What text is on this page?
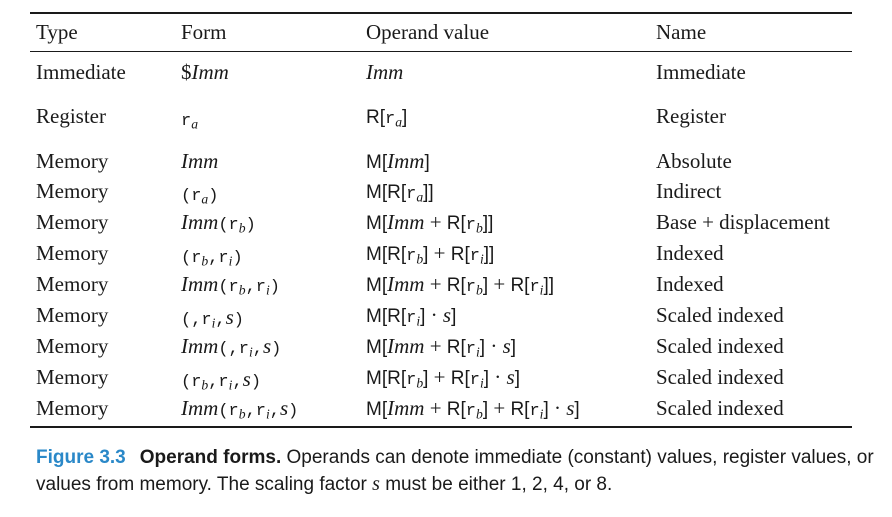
Type	Form	Operand value	Name
Immediate	$Imm	Imm	Immediate
Register	$r_a$	$R[r_a]$	Register
Memory	Imm	M[Imm]	Absolute
Memory	$(r_a)$	$M[R[r_a]]$	Indirect
Memory	$Imm(r_b)$	$M[Imm + R[r_b]]$	Base + displacement
Memory	$(r_b,r_i)$	$M[R[r_b] + R[r_i]]$	Indexed
Memory	$Imm(r_b,r_i)$	$M[Imm + R[r_b] + R[r_i]]$	Indexed
Memory	$(,r_i,s)$	$M[R[r_i] \cdot s]$	Scaled indexed
Memory	$Imm(,r_i,s)$	$M[Imm + R[r_i] \cdot s]$	Scaled indexed
Memory	$(r_b,r_i,s)$	$M[R[r_b] + R[r_i] \cdot s]$	Scaled indexed
Memory	$Imm(r_b,r_i,s)$	$M[Imm + R[r_b] + R[r_i] \cdot s]$	Scaled indexed
Figure 3.3 Operand forms. Operands can denote immediate (constant) values, register values, or values from memory. The scaling factor s must be either 1, 2, 4, or 8.
